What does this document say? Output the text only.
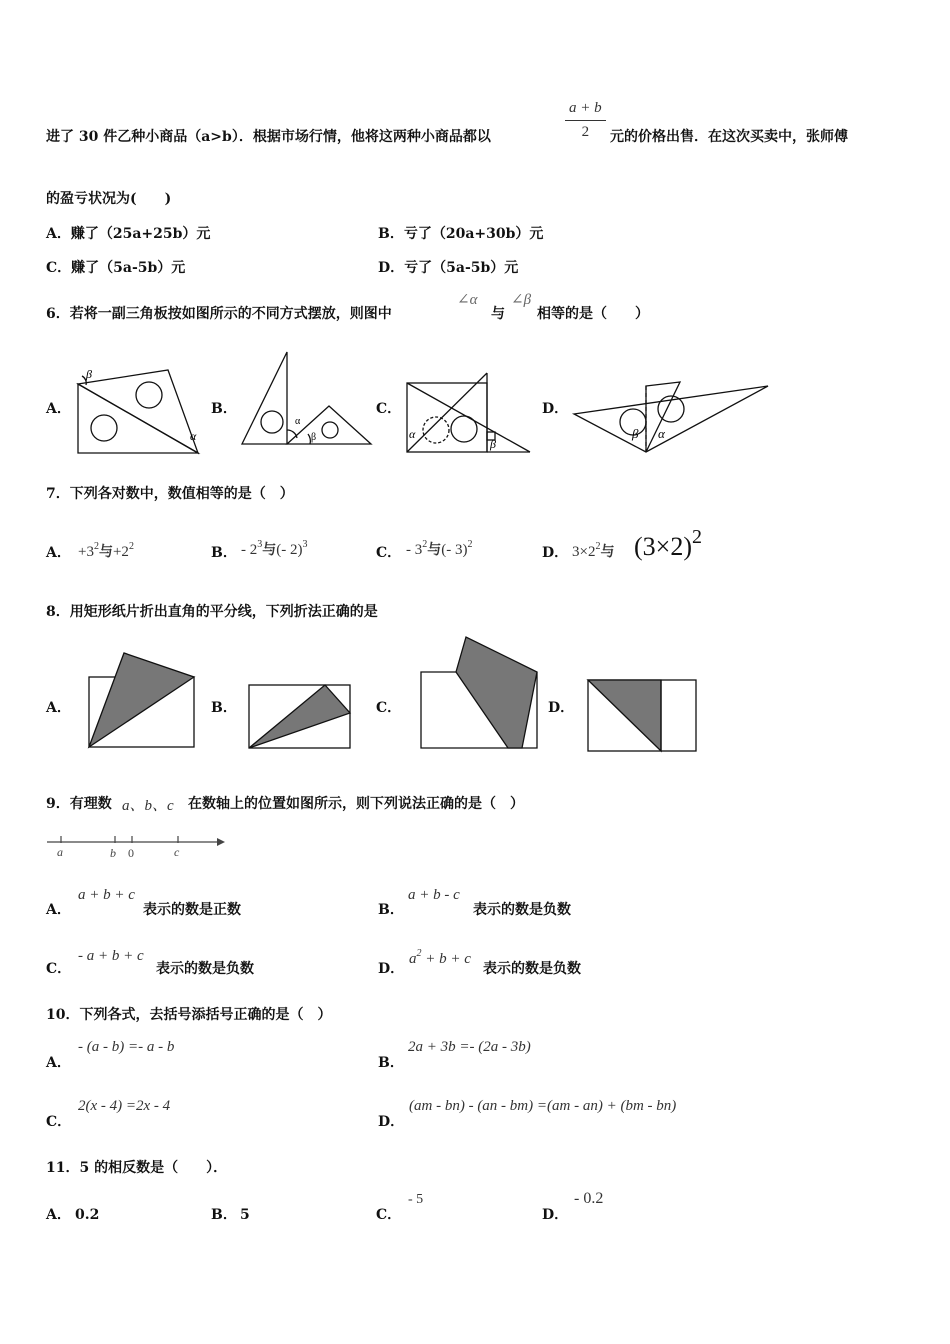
进了 30 件乙种小商品（a>b）．根据市场行情，他将这两种小商品都以	$\frac{a + b}{2}$ 元的价格出售．在这次买卖中，张师傅
的盈亏状况为(　　)
A．赚了（25a+25b）元	B．亏了（20a+30b）元
C．赚了（5a-5b）元	D．亏了（5a-5b）元
6．若将一副三角板按如图所示的不同方式摆放，则图中
∠α
与
∠β
相等的是（　　）
A．
β
α
B．
α
β
C．
α
β
D．
β α
7．下列各对数中，数值相等的是（　）
A． $+3^2$与$+2^2$	B． - $2^3$与(- 2)$^3$
C． - $3^2$与(- 3)$^2$
D． $3\times 2^2$与 $(3\times 2)^2$
8．用矩形纸片折出直角的平分线，下列折法正确的是
A．	B．	C．	D．
9．有理数 a、b、c 在数轴上的位置如图所示，则下列说法正确的是（　）
a	b 0	c
A．
a + b + c
表示的数是正数	B．
a + b - c
表示的数是负数
C．
- a + b + c
表示的数是负数	D．
$a^2 + b + c$
表示的数是负数
10．下列各式，去括号添括号正确的是（　）
A．
- (a - b) =- a - b
B．
2a + 3b =- (2a - 3b)
C．
2(x - 4) =2x - 4
D．
(am - bn) - (an - bm) =(am - an) + (bm - bn)
11．5 的相反数是（　　）．
A． 0.2	B． 5	C．
- 5
D．
- 0.2
